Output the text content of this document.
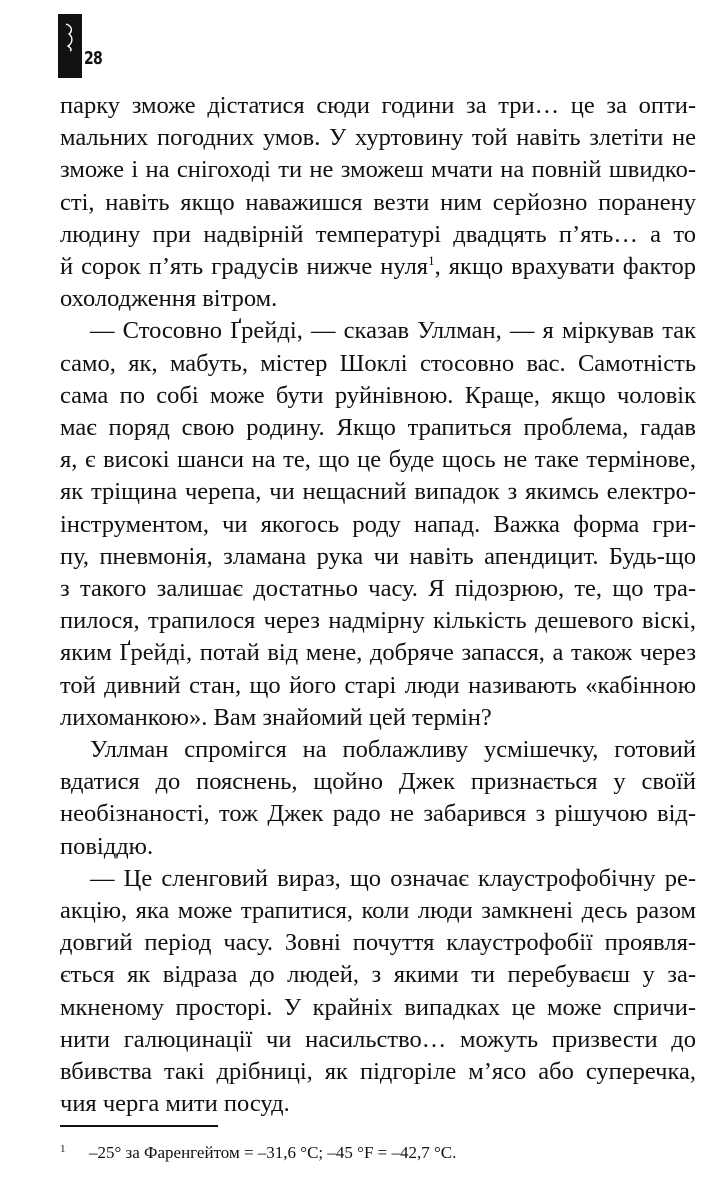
28

парку зможе дістатися сюди години за три… це за опти-
мальних погодних умов. У хуртовину той навіть злетіти не
зможе і на снігоході ти не зможеш мчати на повній швидко-
сті, навіть якщо наважишся везти ним серйозно поранену
людину при надвірній температурі двадцять п’ять… а то
й сорок п’ять градусів нижче нуля$^1$, якщо врахувати фактор
охолодження вітром.

— Стосовно Ґрейді, — сказав Уллман, — я міркував так
само, як, мабуть, містер Шоклі стосовно вас. Самотність
сама по собі може бути руйнівною. Краще, якщо чоловік
має поряд свою родину. Якщо трапиться проблема, гадав
я, є високі шанси на те, що це буде щось не таке термінове,
як тріщина черепа, чи нещасний випадок з якимсь електро-
інструментом, чи якогось роду напад. Важка форма гри-
пу, пневмонія, зламана рука чи навіть апендицит. Будь-що
з такого залишає достатньо часу. Я підозрюю, те, що тра-
пилося, трапилося через надмірну кількість дешевого віскі,
яким Ґрейді, потай від мене, добряче запасся, а також через
той дивний стан, що його старі люди називають «кабінною
лихоманкою». Вам знайомий цей термін?

Уллман спромігся на поблажливу усмішечку, готовий
вдатися до пояснень, щойно Джек признається у своїй
необізнаності, тож Джек радо не забарився з рішучою від-
повіддю.

— Це сленговий вираз, що означає клаустрофобічну ре-
акцію, яка може трапитися, коли люди замкнені десь разом
довгий період часу. Зовні почуття клаустрофобії проявля-
ється як відраза до людей, з якими ти перебуваєш у за-
мкненому просторі. У крайніх випадках це може спричи-
нити галюцинації чи насильство… можуть призвести до
вбивства такі дрібниці, як підгоріле м’ясо або суперечка,
чия черга мити посуд.

1 –25° за Фаренгейтом = –31,6 °C; –45 °F = –42,7 °C.
